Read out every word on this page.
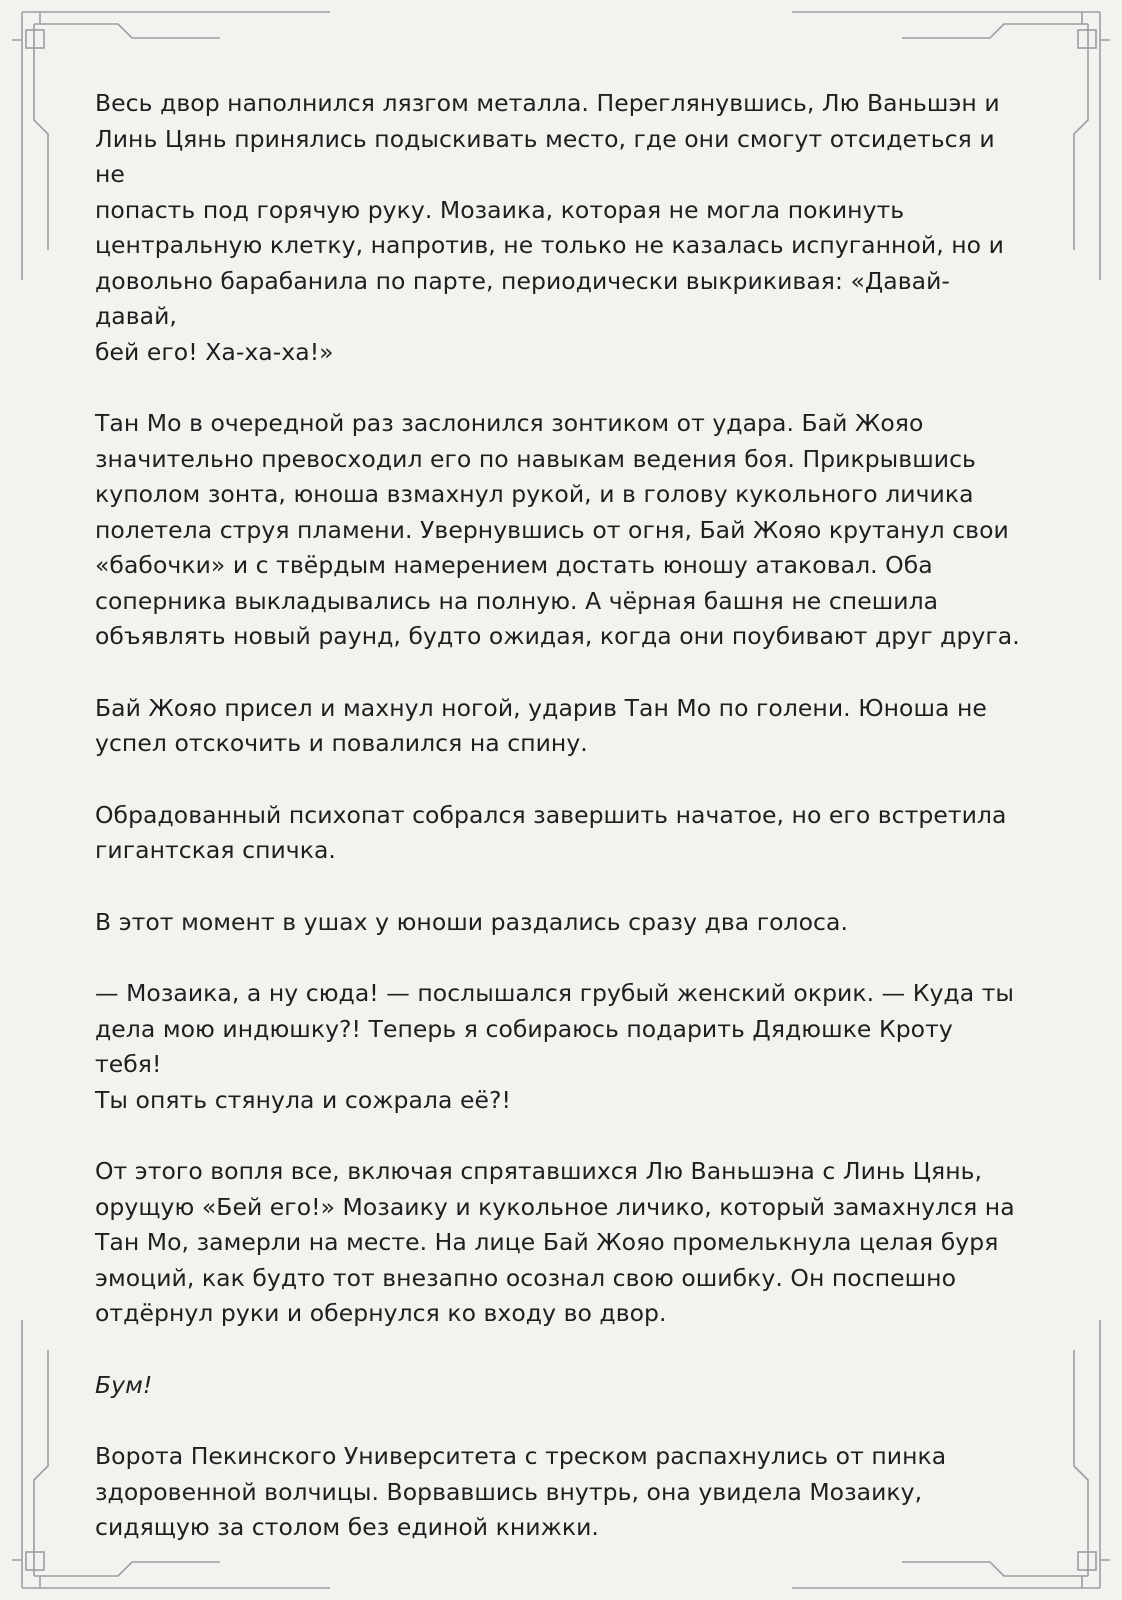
Весь двор наполнился лязгом металла. Переглянувшись, Лю Ваньшэн и
Линь Цянь принялись подыскивать место, где они смогут отсидеться и не
попасть под горячую руку. Мозаика, которая не могла покинуть
центральную клетку, напротив, не только не казалась испуганной, но и
довольно барабанила по парте, периодически выкрикивая: «Давай-давай,
бей его! Ха-ха-ха!»

Тан Мо в очередной раз заслонился зонтиком от удара. Бай Жояо
значительно превосходил его по навыкам ведения боя. Прикрывшись
куполом зонта, юноша взмахнул рукой, и в голову кукольного личика
полетела струя пламени. Увернувшись от огня, Бай Жояо крутанул свои
«бабочки» и с твёрдым намерением достать юношу атаковал. Оба
соперника выкладывались на полную. А чёрная башня не спешила
объявлять новый раунд, будто ожидая, когда они поубивают друг друга.

Бай Жояо присел и махнул ногой, ударив Тан Мо по голени. Юноша не
успел отскочить и повалился на спину.

Обрадованный психопат собрался завершить начатое, но его встретила
гигантская спичка.

В этот момент в ушах у юноши раздались сразу два голоса.

— Мозаика, а ну сюда! — послышался грубый женский окрик. — Куда ты
дела мою индюшку?! Теперь я собираюсь подарить Дядюшке Кроту тебя!
Ты опять стянула и сожрала её?!

От этого вопля все, включая спрятавшихся Лю Ваньшэна с Линь Цянь,
орущую «Бей его!» Мозаику и кукольное личико, который замахнулся на
Тан Мо, замерли на месте. На лице Бай Жояо промелькнула целая буря
эмоций, как будто тот внезапно осознал свою ошибку. Он поспешно
отдёрнул руки и обернулся ко входу во двор.

Бум!

Ворота Пекинского Университета с треском распахнулись от пинка
здоровенной волчицы. Ворвавшись внутрь, она увидела Мозаику,
сидящую за столом без единой книжки.
